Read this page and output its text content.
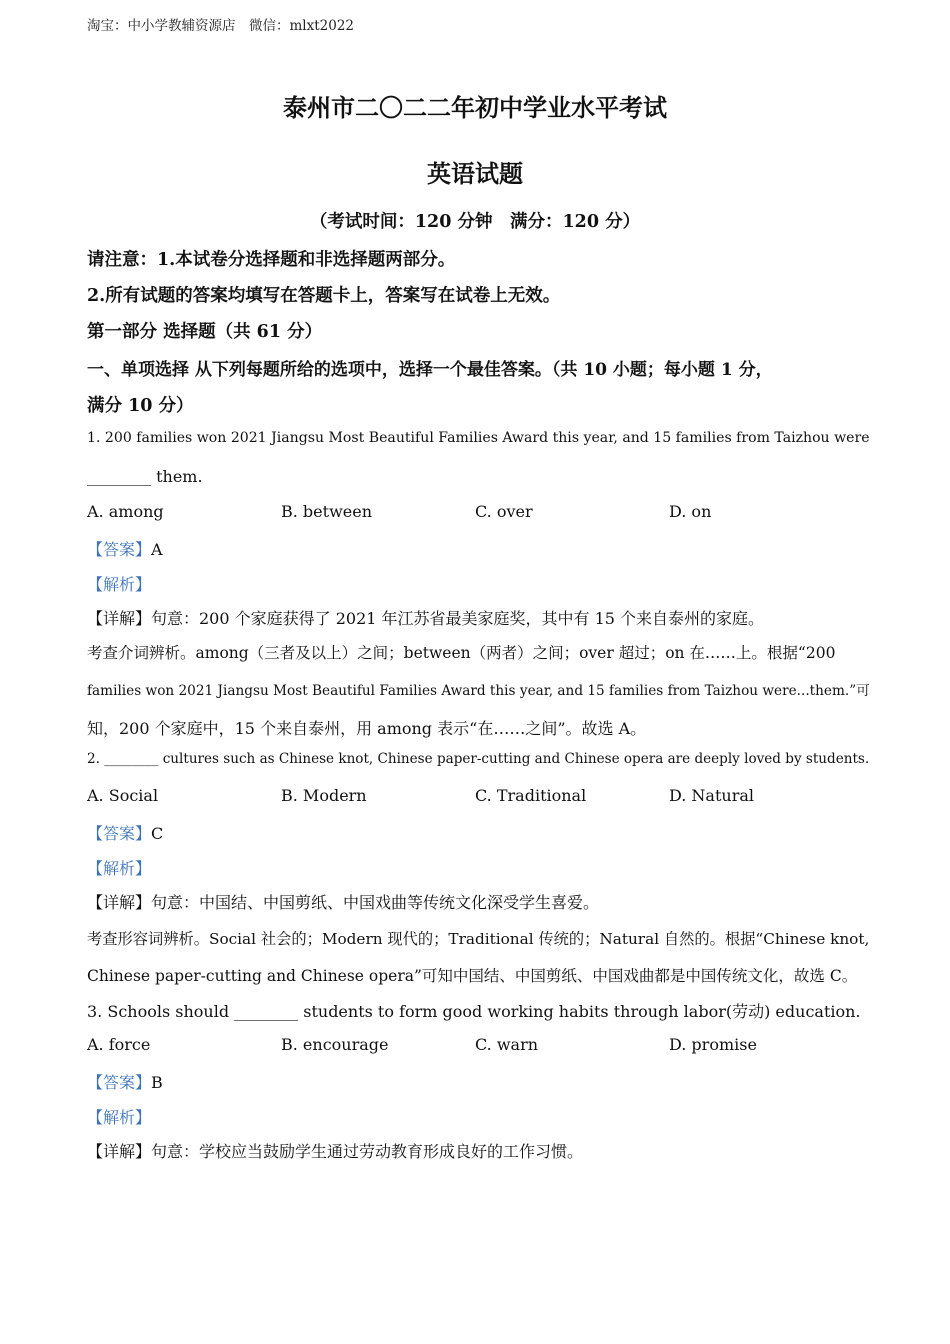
淘宝：中小学教辅资源店　微信：mlxt2022
泰州市二〇二二年初中学业水平考试
英语试题
（考试时间：120 分钟　满分：120 分）
请注意：1.本试卷分选择题和非选择题两部分。
2.所有试题的答案均填写在答题卡上，答案写在试卷上无效。
第一部分 选择题（共 61 分）
一、单项选择 从下列每题所给的选项中，选择一个最佳答案。（共 10 小题；每小题 1 分，
满分 10 分）
1. 200 families won 2021 Jiangsu Most Beautiful Families Award this year, and 15 families from Taizhou were
________ them.
A. among	B. between	C. over	D. on
【答案】A
【解析】
【详解】句意：200 个家庭获得了 2021 年江苏省最美家庭奖，其中有 15 个来自泰州的家庭。
考查介词辨析。among（三者及以上）之间；between（两者）之间；over 超过；on 在……上。根据“200
families won 2021 Jiangsu Most Beautiful Families Award this year, and 15 families from Taizhou were...them.”可
知，200 个家庭中，15 个来自泰州，用 among 表示“在……之间”。故选 A。
2. ________ cultures such as Chinese knot, Chinese paper-cutting and Chinese opera are deeply loved by students.
A. Social	B. Modern	C. Traditional	D. Natural
【答案】C
【解析】
【详解】句意：中国结、中国剪纸、中国戏曲等传统文化深受学生喜爱。
考查形容词辨析。Social 社会的；Modern 现代的；Traditional 传统的；Natural 自然的。根据“Chinese knot,
Chinese paper-cutting and Chinese opera”可知中国结、中国剪纸、中国戏曲都是中国传统文化，故选 C。
3. Schools should ________ students to form good working habits through labor(劳动) education.
A. force	B. encourage	C. warn	D. promise
【答案】B
【解析】
【详解】句意：学校应当鼓励学生通过劳动教育形成良好的工作习惯。
